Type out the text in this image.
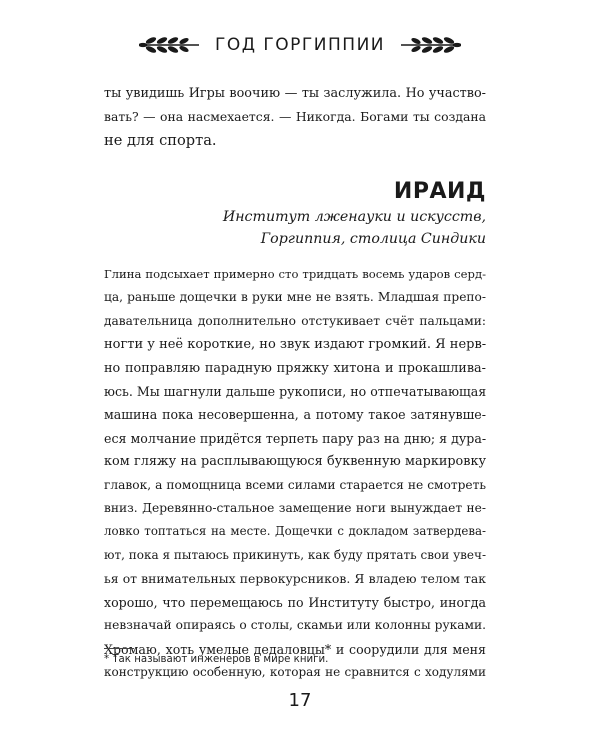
ГОД ГОРГИППИИ
ты увидишь Игры воочию — ты заслужила. Но участво-
вать? — она насмехается. — Никогда. Богами ты создана
не для спорта.
ИРАИД
Институт лженауки и искусств,
Горгиппия, столица Синдики
Глина подсыхает примерно сто тридцать восемь ударов серд-
ца, раньше дощечки в руки мне не взять. Младшая препо-
давательница дополнительно отстукивает счёт пальцами:
ногти у неё короткие, но звук издают громкий. Я нерв-
но поправляю парадную пряжку хитона и прокашлива-
юсь. Мы шагнули дальше рукописи, но отпечатывающая
машина пока несовершенна, а потому такое затянувше-
еся молчание придётся терпеть пару раз на дню; я дура-
ком гляжу на расплывающуюся буквенную маркировку
главок, а помощница всеми силами старается не смотреть
вниз. Деревянно-стальное замещение ноги вынуждает не-
ловко топтаться на месте. Дощечки с докладом затвердева-
ют, пока я пытаюсь прикинуть, как буду прятать свои увеч-
ья от внимательных первокурсников. Я владею телом так
хорошо, что перемещаюсь по Институту быстро, иногда
невзначай опираясь о столы, скамьи или колонны руками.
Хромаю, хоть умелые дедаловцы* и соорудили для меня
конструкцию особенную, которая не сравнится с ходулями
* Так называют инженеров в мире книги.
17
